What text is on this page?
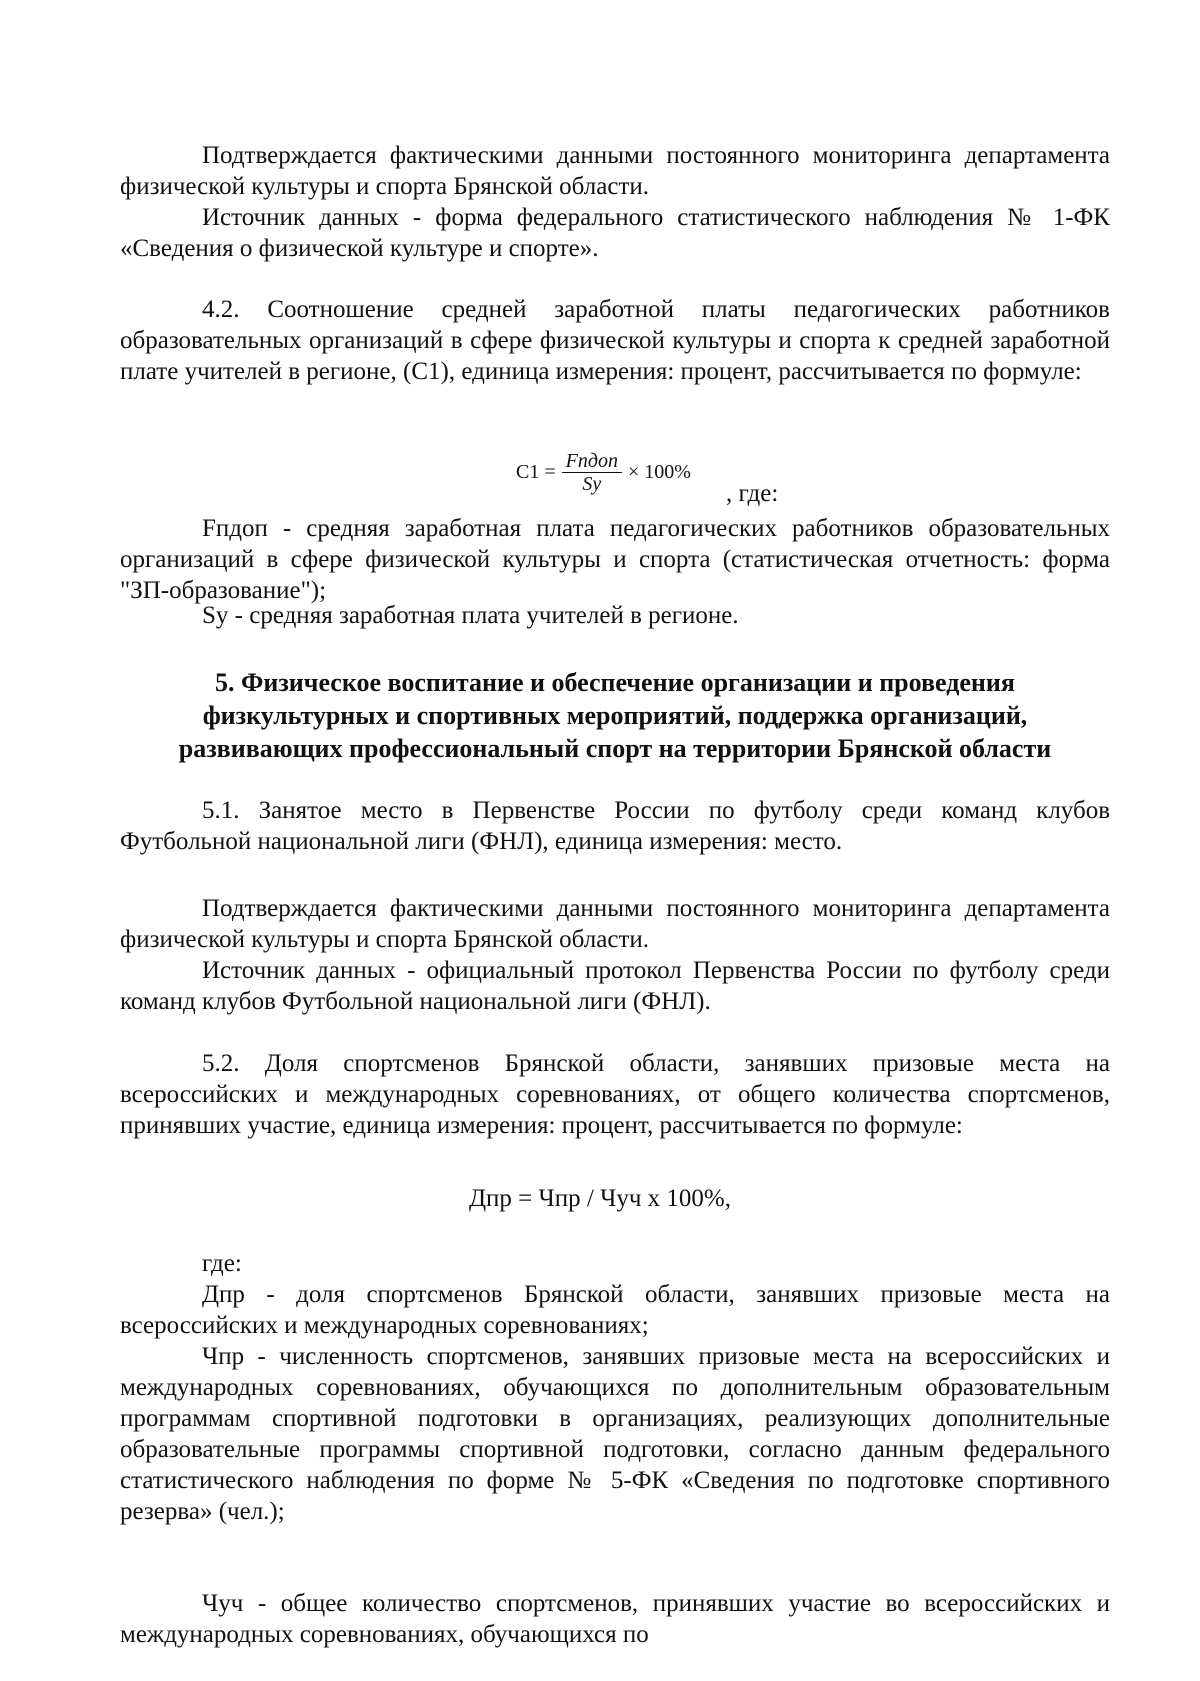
Подтверждается фактическими данными постоянного мониторинга департамента физической культуры и спорта Брянской области.

Источник данных - форма федерального статистического наблюдения № 1-ФК «Сведения о физической культуре и спорте».

4.2. Соотношение средней заработной платы педагогических работников образовательных организаций в сфере физической культуры и спорта к средней заработной плате учителей в регионе, (С1), единица измерения: процент, рассчитывается по формуле:

$C1 = \frac{\text{Fпдоп}}{Sy} \times 100\%$
, где:

Fпдоп - средняя заработная плата педагогических работников образовательных организаций в сфере физической культуры и спорта (статистическая отчетность: форма "ЗП-образование");

Sy - средняя заработная плата учителей в регионе.

5. Физическое воспитание и обеспечение организации и проведения физкультурных и спортивных мероприятий, поддержка организаций, развивающих профессиональный спорт на территории Брянской области

5.1. Занятое место в Первенстве России по футболу среди команд клубов Футбольной национальной лиги (ФНЛ), единица измерения: место.

Подтверждается фактическими данными постоянного мониторинга департамента физической культуры и спорта Брянской области.

Источник данных - официальный протокол Первенства России по футболу среди команд клубов Футбольной национальной лиги (ФНЛ).

5.2. Доля спортсменов Брянской области, занявших призовые места на всероссийских и международных соревнованиях, от общего количества спортсменов, принявших участие, единица измерения: процент, рассчитывается по формуле:

Дпр = Чпр / Чуч х 100%,

где:

Дпр - доля спортсменов Брянской области, занявших призовые места на всероссийских и международных соревнованиях;

Чпр - численность спортсменов, занявших призовые места на всероссийских и международных соревнованиях, обучающихся по дополнительным образовательным программам спортивной подготовки в организациях, реализующих дополнительные образовательные программы спортивной подготовки, согласно данным федерального статистического наблюдения по форме № 5-ФК «Сведения по подготовке спортивного резерва» (чел.);

Чуч - общее количество спортсменов, принявших участие во всероссийских и международных соревнованиях, обучающихся по
